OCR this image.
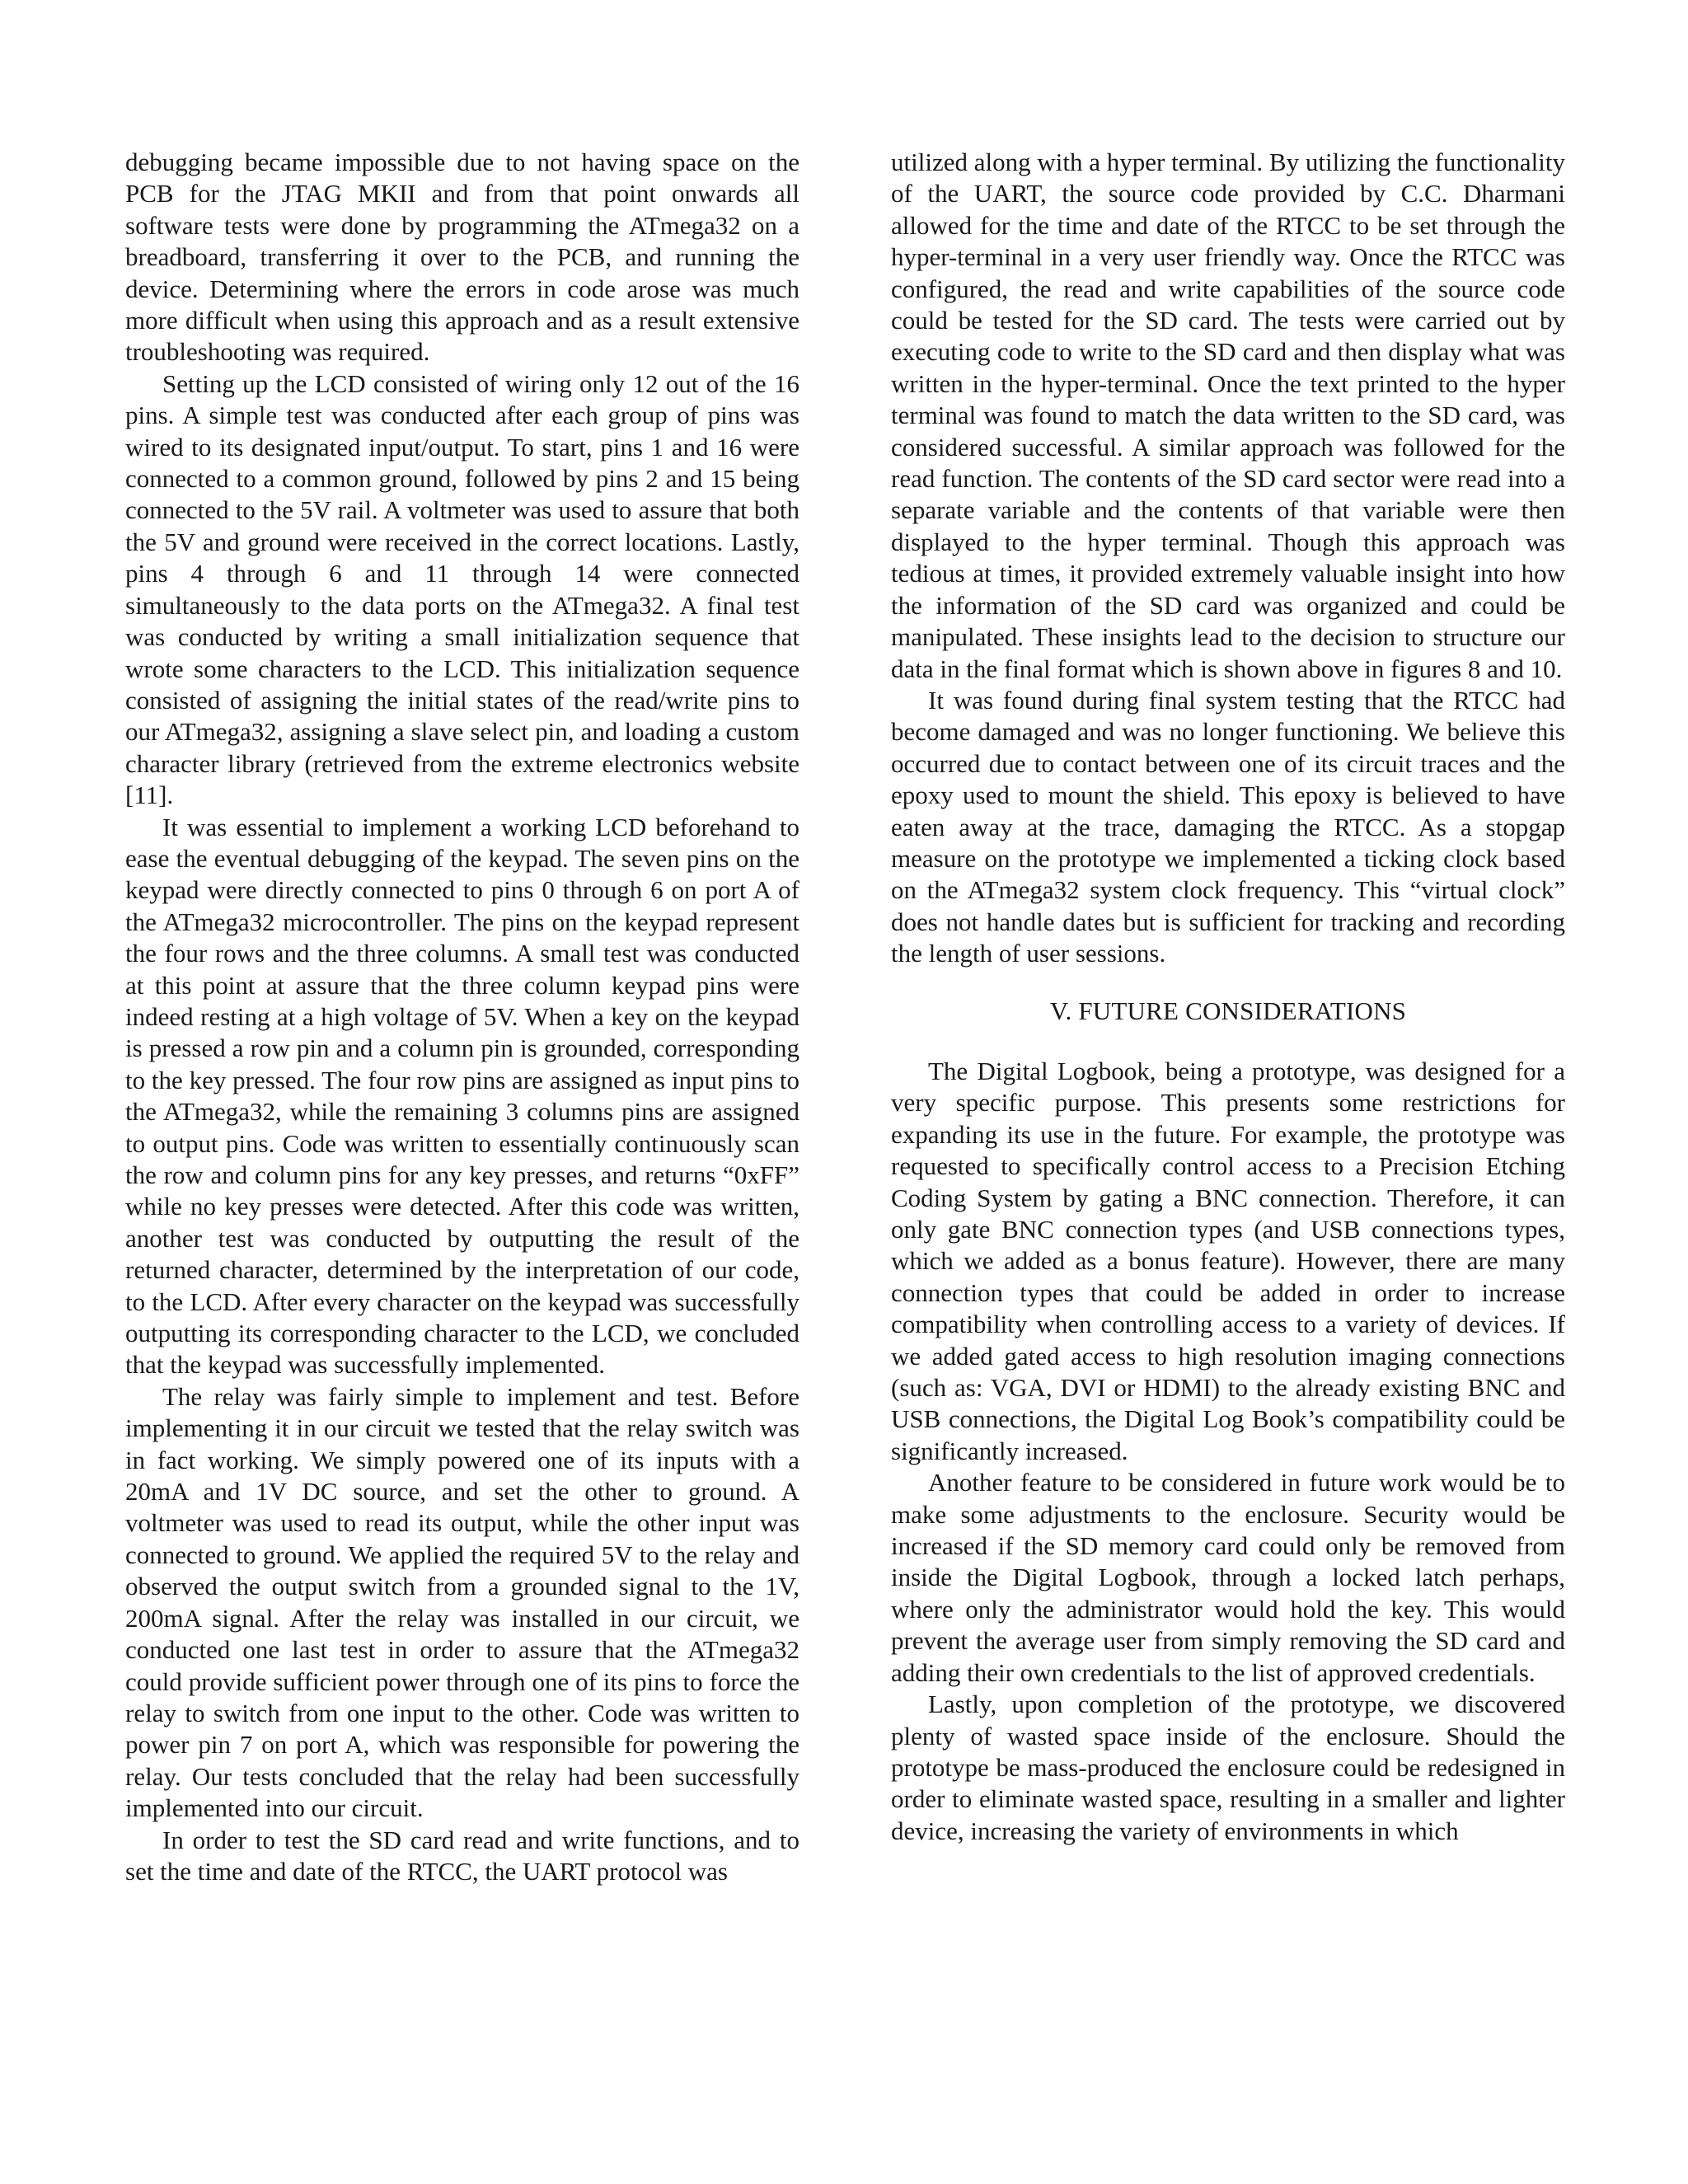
debugging became impossible due to not having space on the PCB for the JTAG MKII and from that point onwards all software tests were done by programming the ATmega32 on a breadboard, transferring it over to the PCB, and running the device. Determining where the errors in code arose was much more difficult when using this approach and as a result extensive troubleshooting was required.

Setting up the LCD consisted of wiring only 12 out of the 16 pins. A simple test was conducted after each group of pins was wired to its designated input/output. To start, pins 1 and 16 were connected to a common ground, followed by pins 2 and 15 being connected to the 5V rail. A voltmeter was used to assure that both the 5V and ground were received in the correct locations. Lastly, pins 4 through 6 and 11 through 14 were connected simultaneously to the data ports on the ATmega32. A final test was conducted by writing a small initialization sequence that wrote some characters to the LCD. This initialization sequence consisted of assigning the initial states of the read/write pins to our ATmega32, assigning a slave select pin, and loading a custom character library (retrieved from the extreme electronics website [11].

It was essential to implement a working LCD beforehand to ease the eventual debugging of the keypad. The seven pins on the keypad were directly connected to pins 0 through 6 on port A of the ATmega32 microcontroller. The pins on the keypad represent the four rows and the three columns. A small test was conducted at this point at assure that the three column keypad pins were indeed resting at a high voltage of 5V. When a key on the keypad is pressed a row pin and a column pin is grounded, corresponding to the key pressed. The four row pins are assigned as input pins to the ATmega32, while the remaining 3 columns pins are assigned to output pins. Code was written to essentially continuously scan the row and column pins for any key presses, and returns “0xFF” while no key presses were detected. After this code was written, another test was conducted by outputting the result of the returned character, determined by the interpretation of our code, to the LCD. After every character on the keypad was successfully outputting its corresponding character to the LCD, we concluded that the keypad was successfully implemented.

The relay was fairly simple to implement and test. Before implementing it in our circuit we tested that the relay switch was in fact working. We simply powered one of its inputs with a 20mA and 1V DC source, and set the other to ground. A voltmeter was used to read its output, while the other input was connected to ground. We applied the required 5V to the relay and observed the output switch from a grounded signal to the 1V, 200mA signal. After the relay was installed in our circuit, we conducted one last test in order to assure that the ATmega32 could provide sufficient power through one of its pins to force the relay to switch from one input to the other. Code was written to power pin 7 on port A, which was responsible for powering the relay. Our tests concluded that the relay had been successfully implemented into our circuit.

In order to test the SD card read and write functions, and to set the time and date of the RTCC, the UART protocol was

utilized along with a hyper terminal. By utilizing the functionality of the UART, the source code provided by C.C. Dharmani allowed for the time and date of the RTCC to be set through the hyper-terminal in a very user friendly way. Once the RTCC was configured, the read and write capabilities of the source code could be tested for the SD card. The tests were carried out by executing code to write to the SD card and then display what was written in the hyper-terminal. Once the text printed to the hyper terminal was found to match the data written to the SD card, was considered successful. A similar approach was followed for the read function. The contents of the SD card sector were read into a separate variable and the contents of that variable were then displayed to the hyper terminal. Though this approach was tedious at times, it provided extremely valuable insight into how the information of the SD card was organized and could be manipulated. These insights lead to the decision to structure our data in the final format which is shown above in figures 8 and 10.

It was found during final system testing that the RTCC had become damaged and was no longer functioning. We believe this occurred due to contact between one of its circuit traces and the epoxy used to mount the shield. This epoxy is believed to have eaten away at the trace, damaging the RTCC. As a stopgap measure on the prototype we implemented a ticking clock based on the ATmega32 system clock frequency. This “virtual clock” does not handle dates but is sufficient for tracking and recording the length of user sessions.

V. FUTURE CONSIDERATIONS

The Digital Logbook, being a prototype, was designed for a very specific purpose. This presents some restrictions for expanding its use in the future. For example, the prototype was requested to specifically control access to a Precision Etching Coding System by gating a BNC connection. Therefore, it can only gate BNC connection types (and USB connections types, which we added as a bonus feature). However, there are many connection types that could be added in order to increase compatibility when controlling access to a variety of devices. If we added gated access to high resolution imaging connections (such as: VGA, DVI or HDMI) to the already existing BNC and USB connections, the Digital Log Book’s compatibility could be significantly increased.

Another feature to be considered in future work would be to make some adjustments to the enclosure. Security would be increased if the SD memory card could only be removed from inside the Digital Logbook, through a locked latch perhaps, where only the administrator would hold the key. This would prevent the average user from simply removing the SD card and adding their own credentials to the list of approved credentials.

Lastly, upon completion of the prototype, we discovered plenty of wasted space inside of the enclosure. Should the prototype be mass-produced the enclosure could be redesigned in order to eliminate wasted space, resulting in a smaller and lighter device, increasing the variety of environments in which
